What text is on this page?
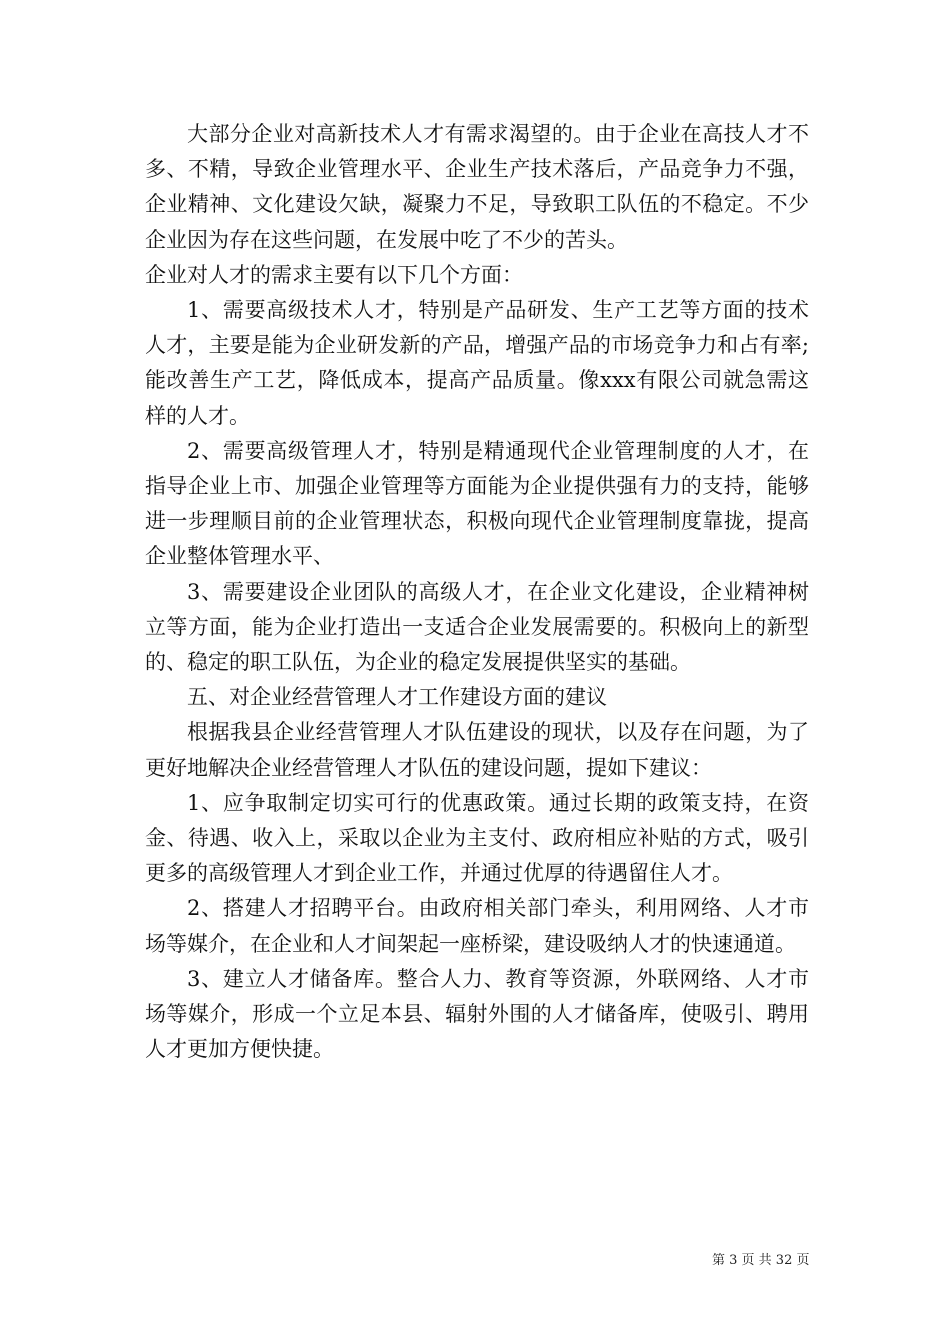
大部分企业对高新技术人才有需求渴望的。由于企业在高技人才不多、不精，导致企业管理水平、企业生产技术落后，产品竞争力不强，企业精神、文化建设欠缺，凝聚力不足，导致职工队伍的不稳定。不少企业因为存在这些问题，在发展中吃了不少的苦头。

企业对人才的需求主要有以下几个方面：

1、需要高级技术人才，特别是产品研发、生产工艺等方面的技术人才，主要是能为企业研发新的产品，增强产品的市场竞争力和占有率;能改善生产工艺，降低成本，提高产品质量。像xxx有限公司就急需这样的人才。

2、需要高级管理人才，特别是精通现代企业管理制度的人才，在指导企业上市、加强企业管理等方面能为企业提供强有力的支持，能够进一步理顺目前的企业管理状态，积极向现代企业管理制度靠拢，提高企业整体管理水平、

3、需要建设企业团队的高级人才，在企业文化建设，企业精神树立等方面，能为企业打造出一支适合企业发展需要的。积极向上的新型的、稳定的职工队伍，为企业的稳定发展提供坚实的基础。

五、对企业经营管理人才工作建设方面的建议

根据我县企业经营管理人才队伍建设的现状，以及存在问题，为了更好地解决企业经营管理人才队伍的建设问题，提如下建议：

1、应争取制定切实可行的优惠政策。通过长期的政策支持，在资金、待遇、收入上，采取以企业为主支付、政府相应补贴的方式，吸引更多的高级管理人才到企业工作，并通过优厚的待遇留住人才。

2、搭建人才招聘平台。由政府相关部门牵头，利用网络、人才市场等媒介，在企业和人才间架起一座桥梁，建设吸纳人才的快速通道。

3、建立人才储备库。整合人力、教育等资源，外联网络、人才市场等媒介，形成一个立足本县、辐射外围的人才储备库，使吸引、聘用人才更加方便快捷。

第 3 页 共 32 页
